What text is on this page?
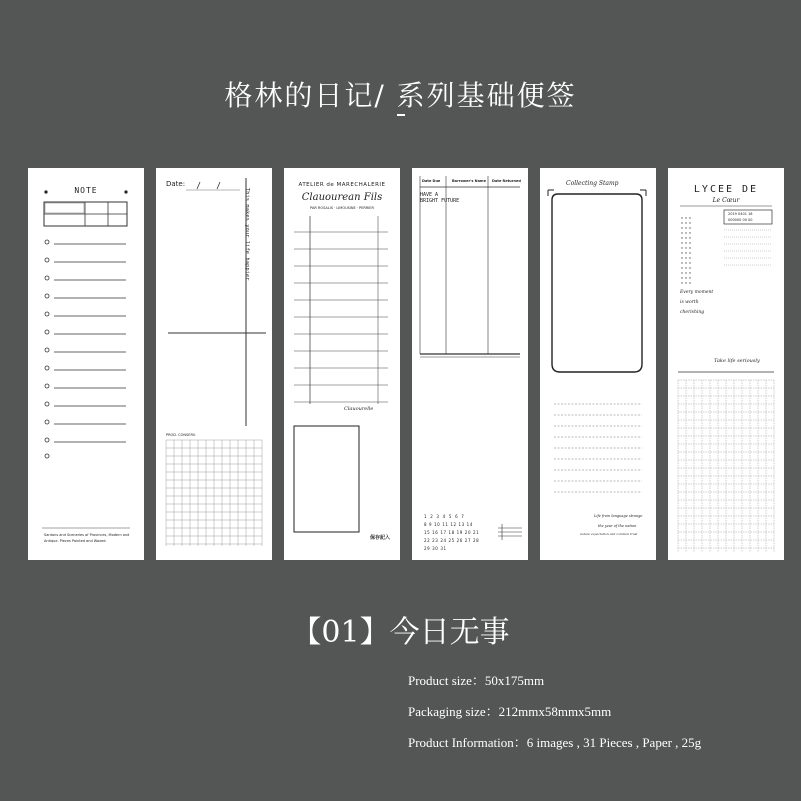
格林的日记/ 系列基础便签
NOTE
Santons and Sceneries of Provinces, Modern and
Antique. Pieces Painted and Waxed.
Date:
This makes your life happier
PROD. CONSERV.
ATELIER de MARECHALERIE
Clauourean Fils
PAR ROSALIS · LIMOUSINE · PERRIER
Clauourelle
保存記入
Date Due	Borrower's Name Date Returned
HAVE A
BRIGHT FUTURE
1 2 3 4 5 6 7
8 9 10 11 12 13 14
15 16 17 18 19 20 21
22 23 24 25 26 27 28
29 30 31
Collecting Stamp
Life from language strange
the year of the nation
nature expectation and common trust
LYCEE DE
Le Cœur
2019 0401 18
000000 00 00
Every moment
is worth
cherishing
Take life seriously
【01】今日无事
Product size：50x175mm
Packaging size：212mmx58mmx5mm
Product Information：6 images , 31 Pieces , Paper , 25g
